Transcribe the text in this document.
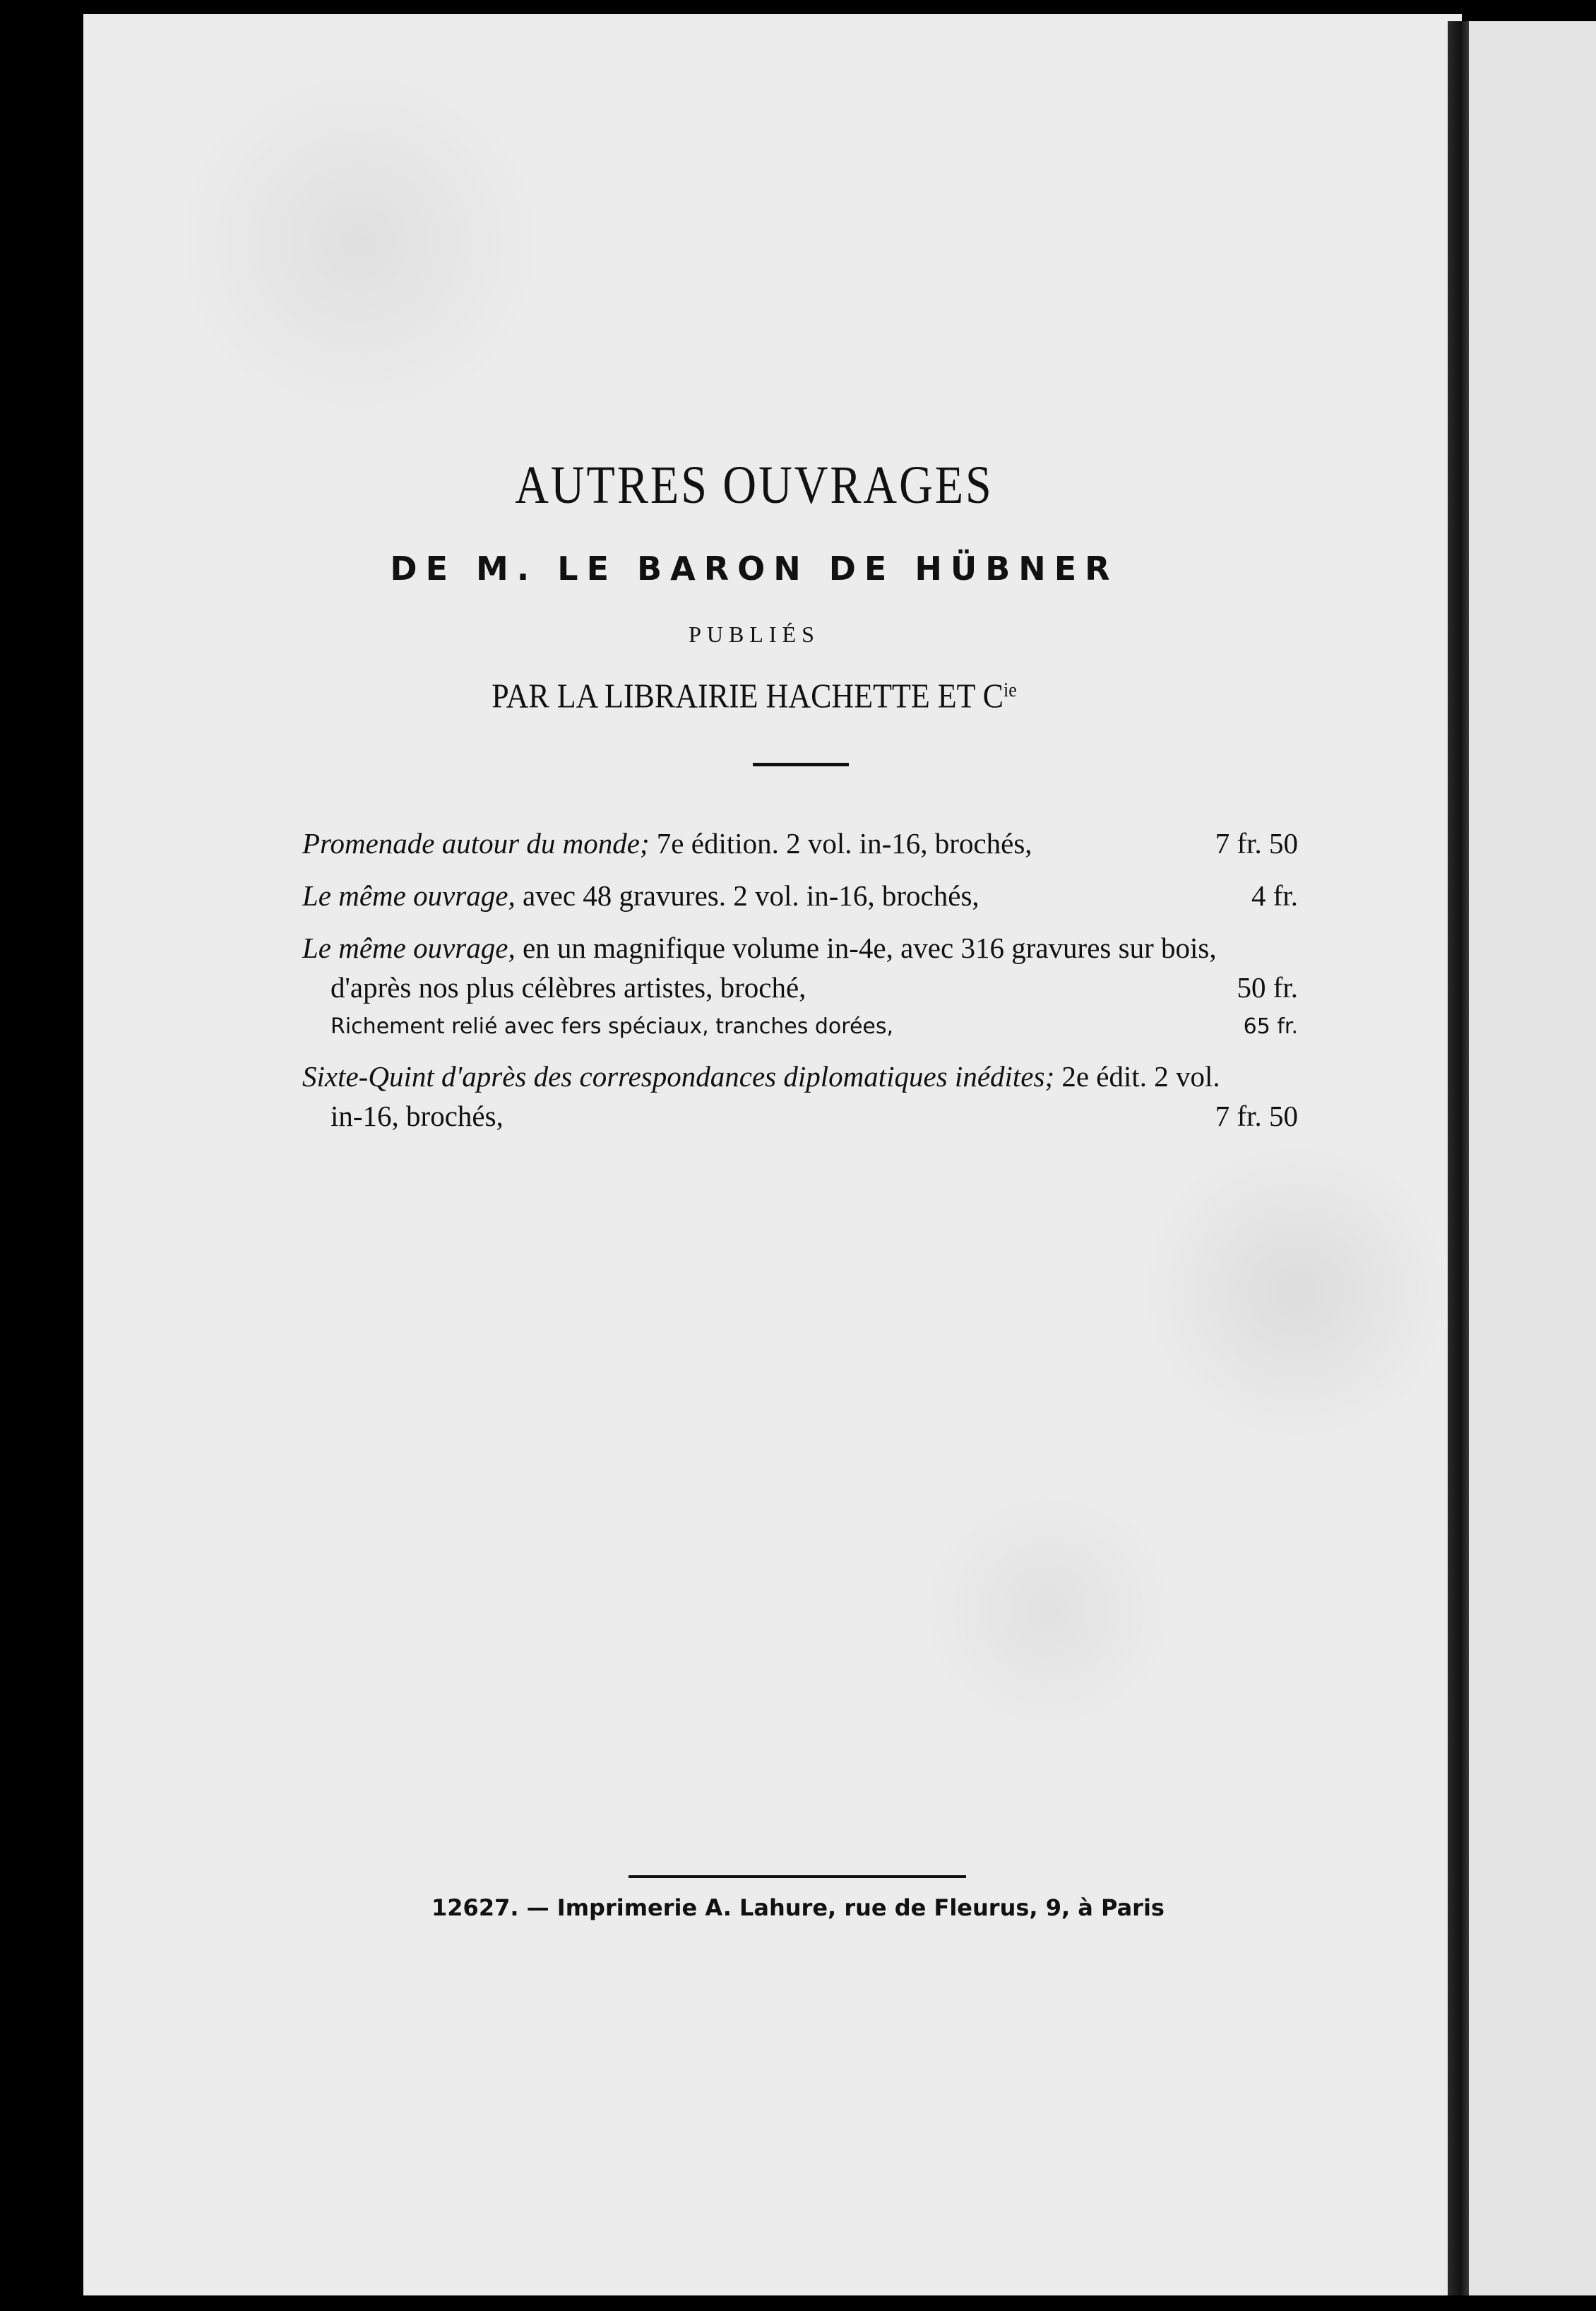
AUTRES OUVRAGES
DE M. LE BARON DE HÜBNER
PUBLIÉS
PAR LA LIBRAIRIE HACHETTE ET $C^{ie}$
Promenade autour du monde; 7e édition. 2 vol. in-16, brochés,	7 fr. 50
Le même ouvrage, avec 48 gravures. 2 vol. in-16, brochés,	4 fr.
Le même ouvrage, en un magnifique volume in-4e, avec 316 gravures sur bois,
d'après nos plus célèbres artistes, broché,	50 fr.
Richement relié avec fers spéciaux, tranches dorées,	65 fr.
Sixte-Quint d'après des correspondances diplomatiques inédites; 2e édit. 2 vol.
in-16, brochés,	7 fr. 50
12627. — Imprimerie A. Lahure, rue de Fleurus, 9, à Paris
